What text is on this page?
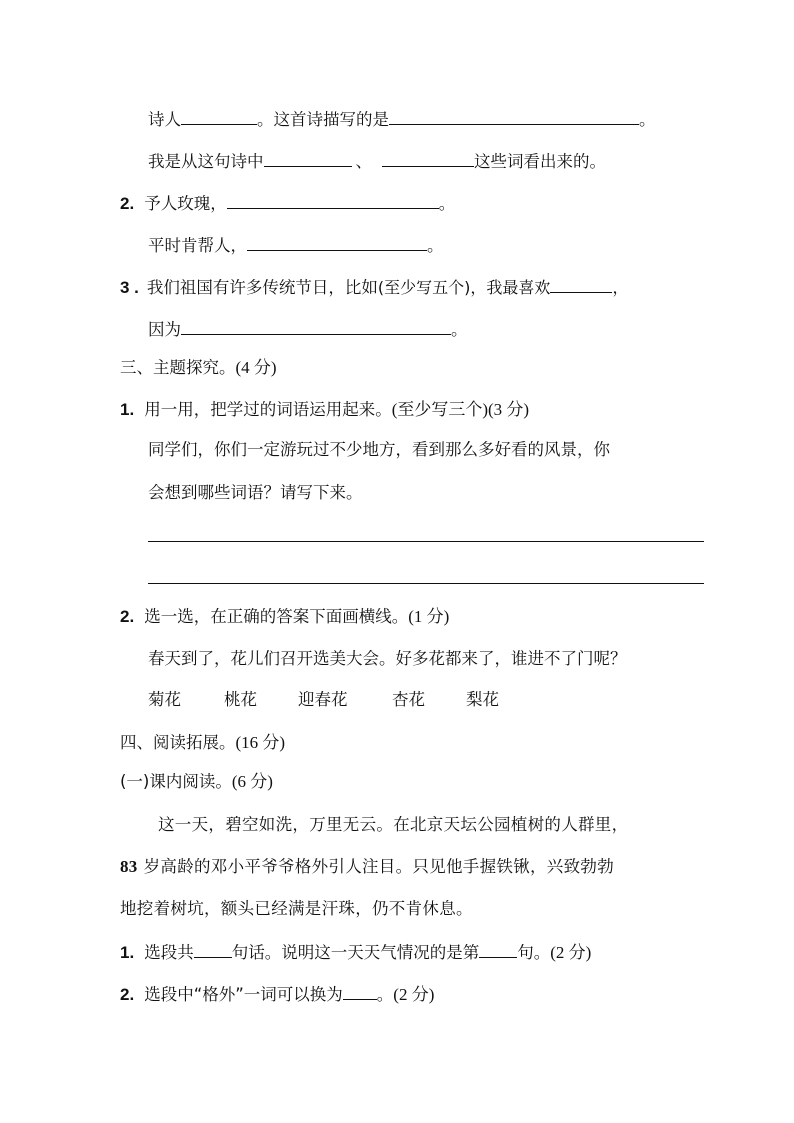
诗人	。这首诗描写的是	。
我是从这句诗中	、	这些词看出来的。
2. 予人玫瑰，	。
平时肯帮人，	。
3 . 我们祖国有许多传统节日，比如(至少写五个)，我最喜欢	，
因为	。
三、主题探究。(4 分)
1. 用一用，把学过的词语运用起来。(至少写三个)(3 分)
同学们，你们一定游玩过不少地方，看到那么多好看的风景，你
会想到哪些词语？请写下来。
2. 选一选，在正确的答案下面画横线。(1 分)
春天到了，花儿们召开选美大会。好多花都来了，谁进不了门呢？
菊花	桃花 迎春花	杏花 梨花
四、阅读拓展。(16 分)
(一)课内阅读。(6 分)
这一天，碧空如洗，万里无云。在北京天坛公园植树的人群里，
83 岁高龄的邓小平爷爷格外引人注目。只见他手握铁锹，兴致勃勃
地挖着树坑，额头已经满是汗珠，仍不肯休息。
1. 选段共 句话。说明这一天天气情况的是第 句。(2 分)
2. 选段中“格外”一词可以换为 。(2 分)
